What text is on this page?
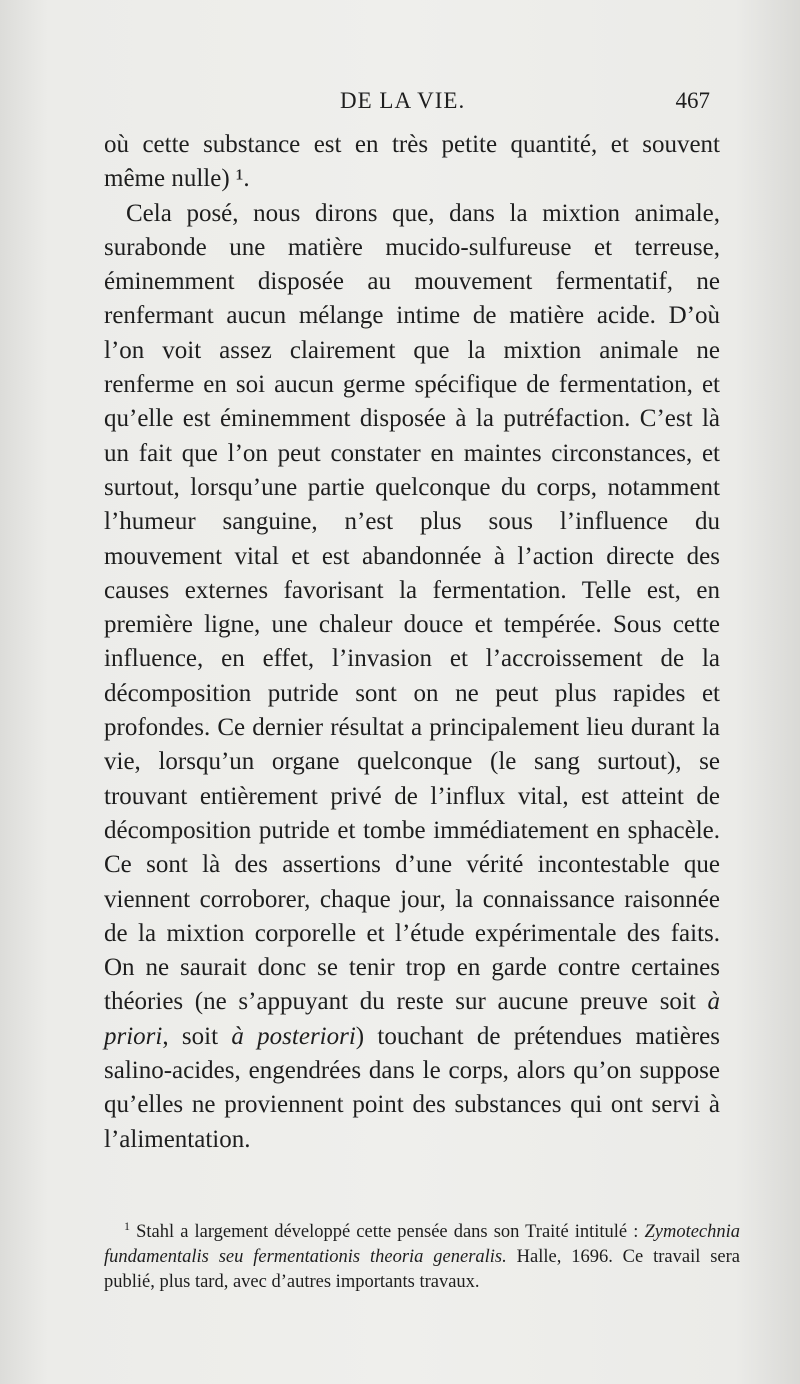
DE LA VIE.	467

où cette substance est en très petite quantité, et souvent même nulle) ¹.

Cela posé, nous dirons que, dans la mixtion animale, surabonde une matière mucido-sulfureuse et terreuse, éminemment disposée au mouvement fermentatif, ne renfermant aucun mélange intime de matière acide. D’où l’on voit assez clairement que la mixtion animale ne renferme en soi aucun germe spécifique de fermentation, et qu’elle est éminemment disposée à la putréfaction. C’est là un fait que l’on peut constater en maintes circonstances, et surtout, lorsqu’une partie quelconque du corps, notamment l’humeur sanguine, n’est plus sous l’influence du mouvement vital et est abandonnée à l’action directe des causes externes favorisant la fermentation. Telle est, en première ligne, une chaleur douce et tempérée. Sous cette influence, en effet, l’invasion et l’accroissement de la décomposition putride sont on ne peut plus rapides et profondes. Ce dernier résultat a principalement lieu durant la vie, lorsqu’un organe quelconque (le sang surtout), se trouvant entièrement privé de l’influx vital, est atteint de décomposition putride et tombe immédiatement en sphacèle. Ce sont là des assertions d’une vérité incontestable que viennent corroborer, chaque jour, la connaissance raisonnée de la mixtion corporelle et l’étude expérimentale des faits. On ne saurait donc se tenir trop en garde contre certaines théories (ne s’appuyant du reste sur aucune preuve soit à priori, soit à posteriori) touchant de prétendues matières salino-acides, engendrées dans le corps, alors qu’on suppose qu’elles ne proviennent point des substances qui ont servi à l’alimentation.

$^1$ Stahl a largement développé cette pensée dans son Traité intitulé : Zymotechnia fundamentalis seu fermentationis theoria generalis. Halle, 1696. Ce travail sera publié, plus tard, avec d’autres importants travaux.
